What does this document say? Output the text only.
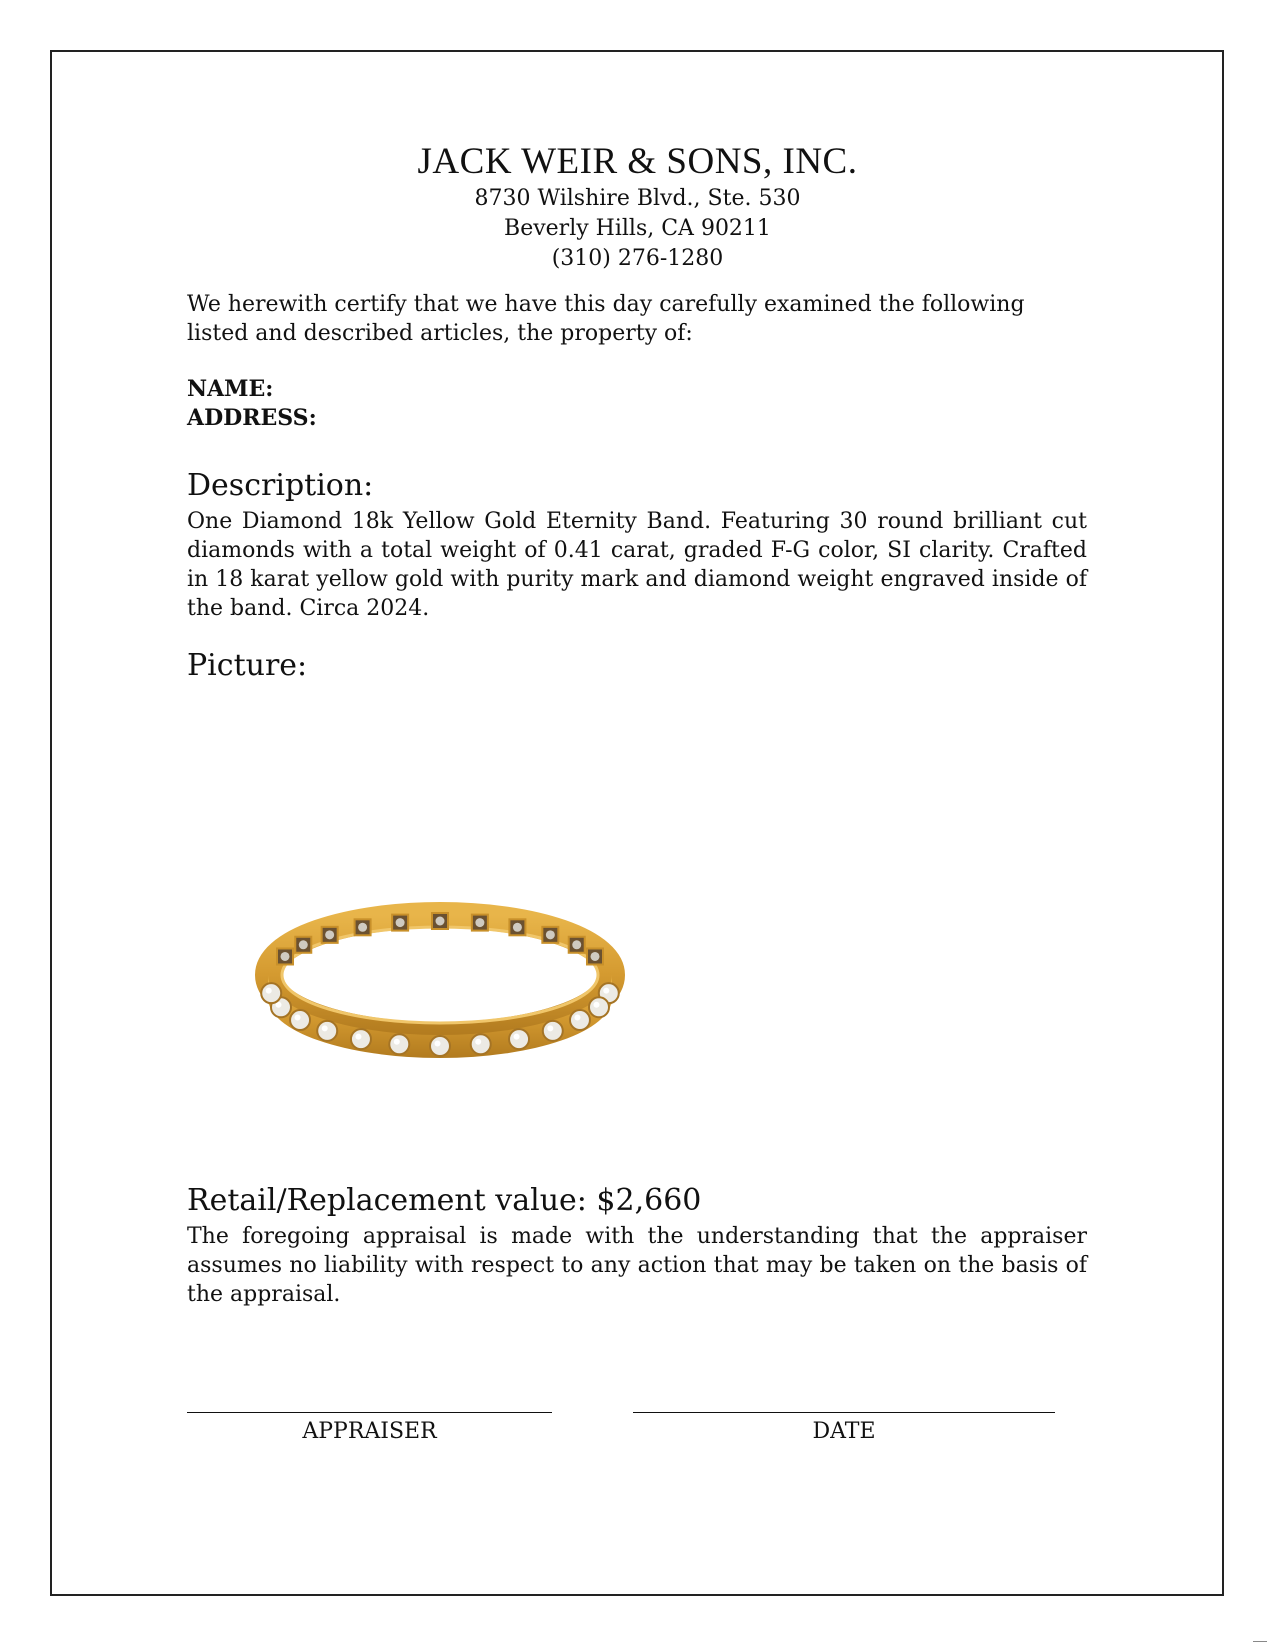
JACK WEIR & SONS, INC.
8730 Wilshire Blvd., Ste. 530
Beverly Hills, CA 90211
(310) 276-1280
We herewith certify that we have this day carefully examined the following listed and described articles, the property of:
NAME:
ADDRESS:
Description:
One Diamond 18k Yellow Gold Eternity Band. Featuring 30 round brilliant cut diamonds with a total weight of 0.41 carat, graded F-G color, SI clarity. Crafted in 18 karat yellow gold with purity mark and diamond weight engraved inside of the band. Circa 2024.
Picture:
Retail/Replacement value: $2,660
The foregoing appraisal is made with the understanding that the appraiser assumes no liability with respect to any action that may be taken on the basis of the appraisal.
APPRAISER	DATE
